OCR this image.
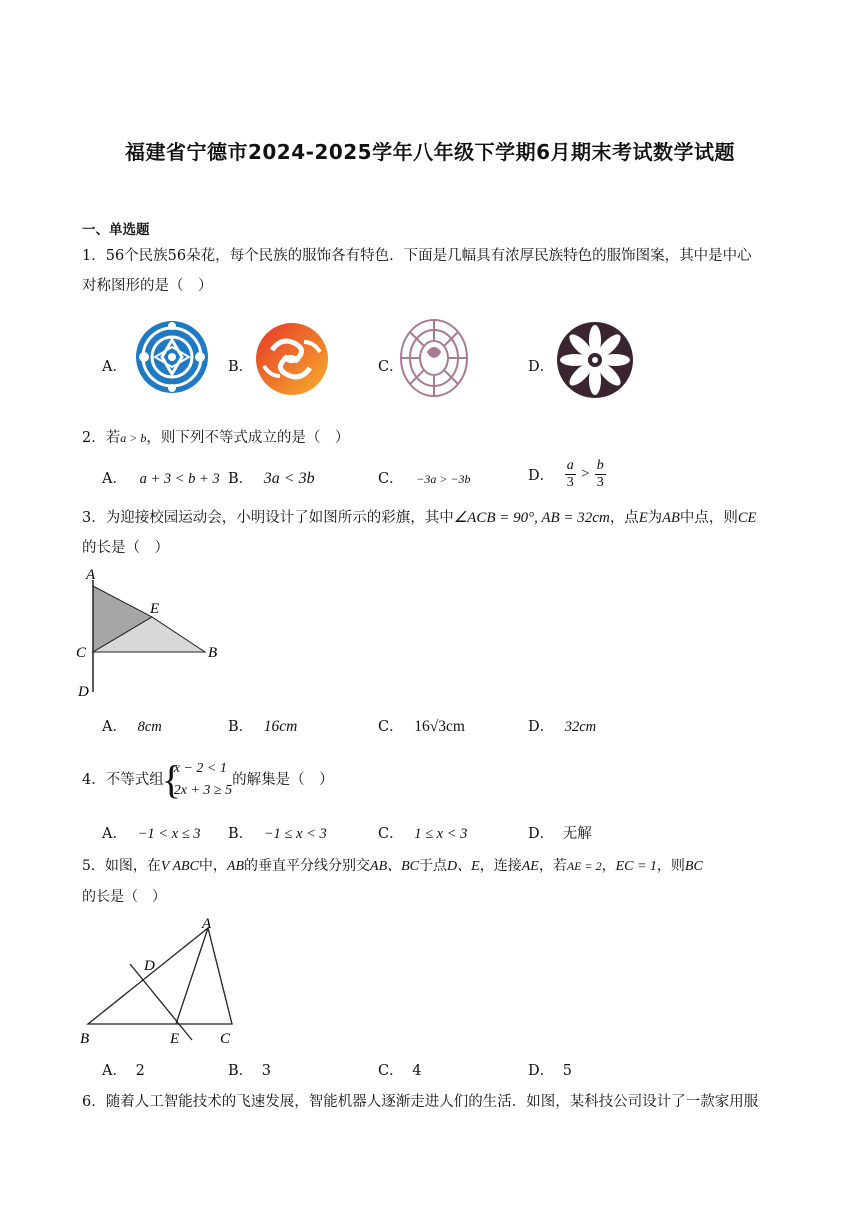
福建省宁德市2024-2025学年八年级下学期6月期末考试数学试题
一、单选题
1．56个民族56朵花，每个民族的服饰各有特色．下面是几幅具有浓厚民族特色的服饰图案，其中是中心
对称图形的是（　）
A．	B．	C．	D．
2．若a > b，则下列不等式成立的是（　）
A． a + 3 < b + 3 B． 3a < 3b	C． −3a > −3b	D． $\frac{a}{3} > \frac{b}{3}$
3．为迎接校园运动会，小明设计了如图所示的彩旗，其中∠ACB = 90°, AB = 32cm，点E为AB中点，则CE
的长是（　）
A
E
C	B
D
A． 8cm	B． 16cm	C． 16√3cm	D． 32cm
4．不等式组
{
x − 2 < 1
2x + 3 ≥ 5
的解集是（　）
A． −1 < x ≤ 3 B． −1 ≤ x < 3	C． 1 ≤ x < 3	D． 无解
5．如图，在V ABC中，AB的垂直平分线分别交AB、BC于点D、E，连接AE，若AE = 2，EC = 1，则BC
的长是（　）
A
D
B	E	C
A． 2	B． 3	C． 4	D． 5
6．随着人工智能技术的飞速发展，智能机器人逐渐走进人们的生活．如图，某科技公司设计了一款家用服
